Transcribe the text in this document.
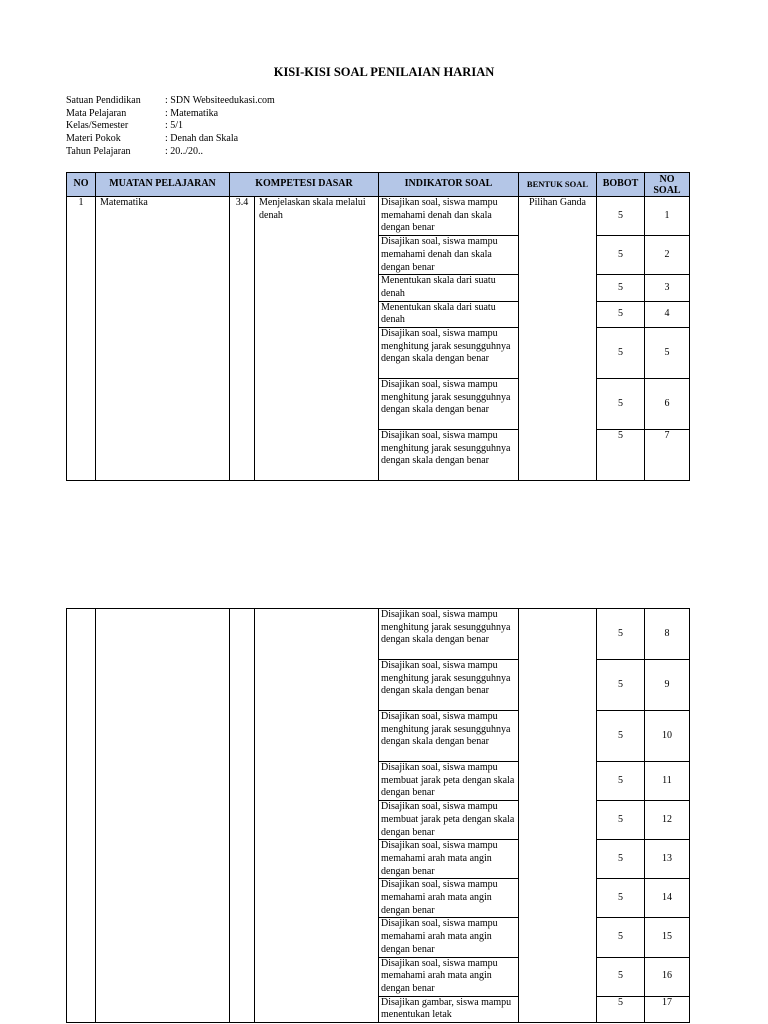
KISI-KISI SOAL PENILAIAN HARIAN
Satuan Pendidikan	: SDN Websiteedukasi.com
Mata Pelajaran	: Matematika
Kelas/Semester	: 5/1
Materi Pokok	: Denah dan Skala
Tahun Pelajaran	: 20../20..
NO	MUATAN PELAJARAN	KOMPETESI DASAR		INDIKATOR SOAL	BENTUK SOAL	BOBOT	NO
SOAL
1	Matematika	3.4	Menjelaskan skala melalui denah	Disajikan soal, siswa mampu memahami denah dan skala dengan benar	Pilihan Ganda	5	1
				Disajikan soal, siswa mampu memahami denah dan skala dengan benar		5	2
				Menentukan skala dari suatu denah		5	3
				Menentukan skala dari suatu denah		5	4
				Disajikan soal, siswa mampu menghitung jarak sesungguhnya dengan skala dengan benar		5	5
				Disajikan soal, siswa mampu menghitung jarak sesungguhnya dengan skala dengan benar		5	6
				Disajikan soal, siswa mampu menghitung jarak sesungguhnya dengan skala dengan benar		5	7
				Disajikan soal, siswa mampu menghitung jarak sesungguhnya dengan skala dengan benar		5	8
				Disajikan soal, siswa mampu menghitung jarak sesungguhnya dengan skala dengan benar		5	9
				Disajikan soal, siswa mampu menghitung jarak sesungguhnya dengan skala dengan benar		5	10
				Disajikan soal, siswa mampu membuat jarak peta dengan skala dengan benar		5	11
				Disajikan soal, siswa mampu membuat jarak peta dengan skala dengan benar		5	12
				Disajikan soal, siswa mampu memahami arah mata angin dengan benar		5	13
				Disajikan soal, siswa mampu memahami arah mata angin dengan benar		5	14
				Disajikan soal, siswa mampu memahami arah mata angin dengan benar		5	15
				Disajikan soal, siswa mampu memahami arah mata angin dengan benar		5	16
				Disajikan gambar, siswa mampu menentukan letak		5	17
